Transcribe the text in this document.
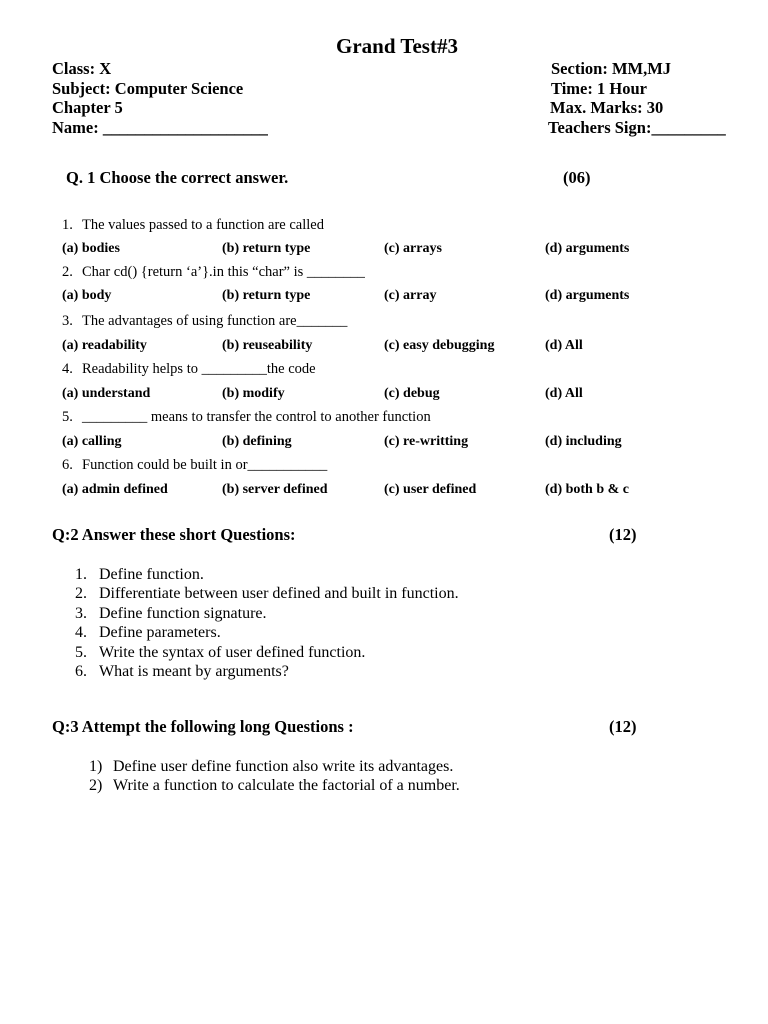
Grand Test#3
Class: X
Subject: Computer Science
Chapter 5
Name: ____________________
Section: MM,MJ
Time: 1 Hour
Max. Marks: 30
Teachers Sign:_________
Q. 1 Choose the correct answer.	(06)
1. The values passed to a function are called
(a) bodies	(b) return type	(c) arrays	(d) arguments
2. Char cd() {return ‘a’}.in this “char” is ________
(a) body	(b) return type	(c) array	(d) arguments
3. The advantages of using function are_______
(a) readability	(b) reuseability	(c) easy debugging	(d) All
4. Readability helps to _________the code
(a) understand	(b) modify	(c) debug	(d) All
5. _________ means to transfer the control to another function
(a) calling	(b) defining	(c) re-writting	(d) including
6. Function could be built in or___________
(a) admin defined	(b) server defined	(c) user defined	(d) both b & c
Q:2 Answer these short Questions:	(12)
1. Define function.
2. Differentiate between user defined and built in function.
3. Define function signature.
4. Define parameters.
5. Write the syntax of user defined function.
6. What is meant by arguments?
Q:3 Attempt the following long Questions :	(12)
1) Define user define function also write its advantages.
2) Write a function to calculate the factorial of a number.
